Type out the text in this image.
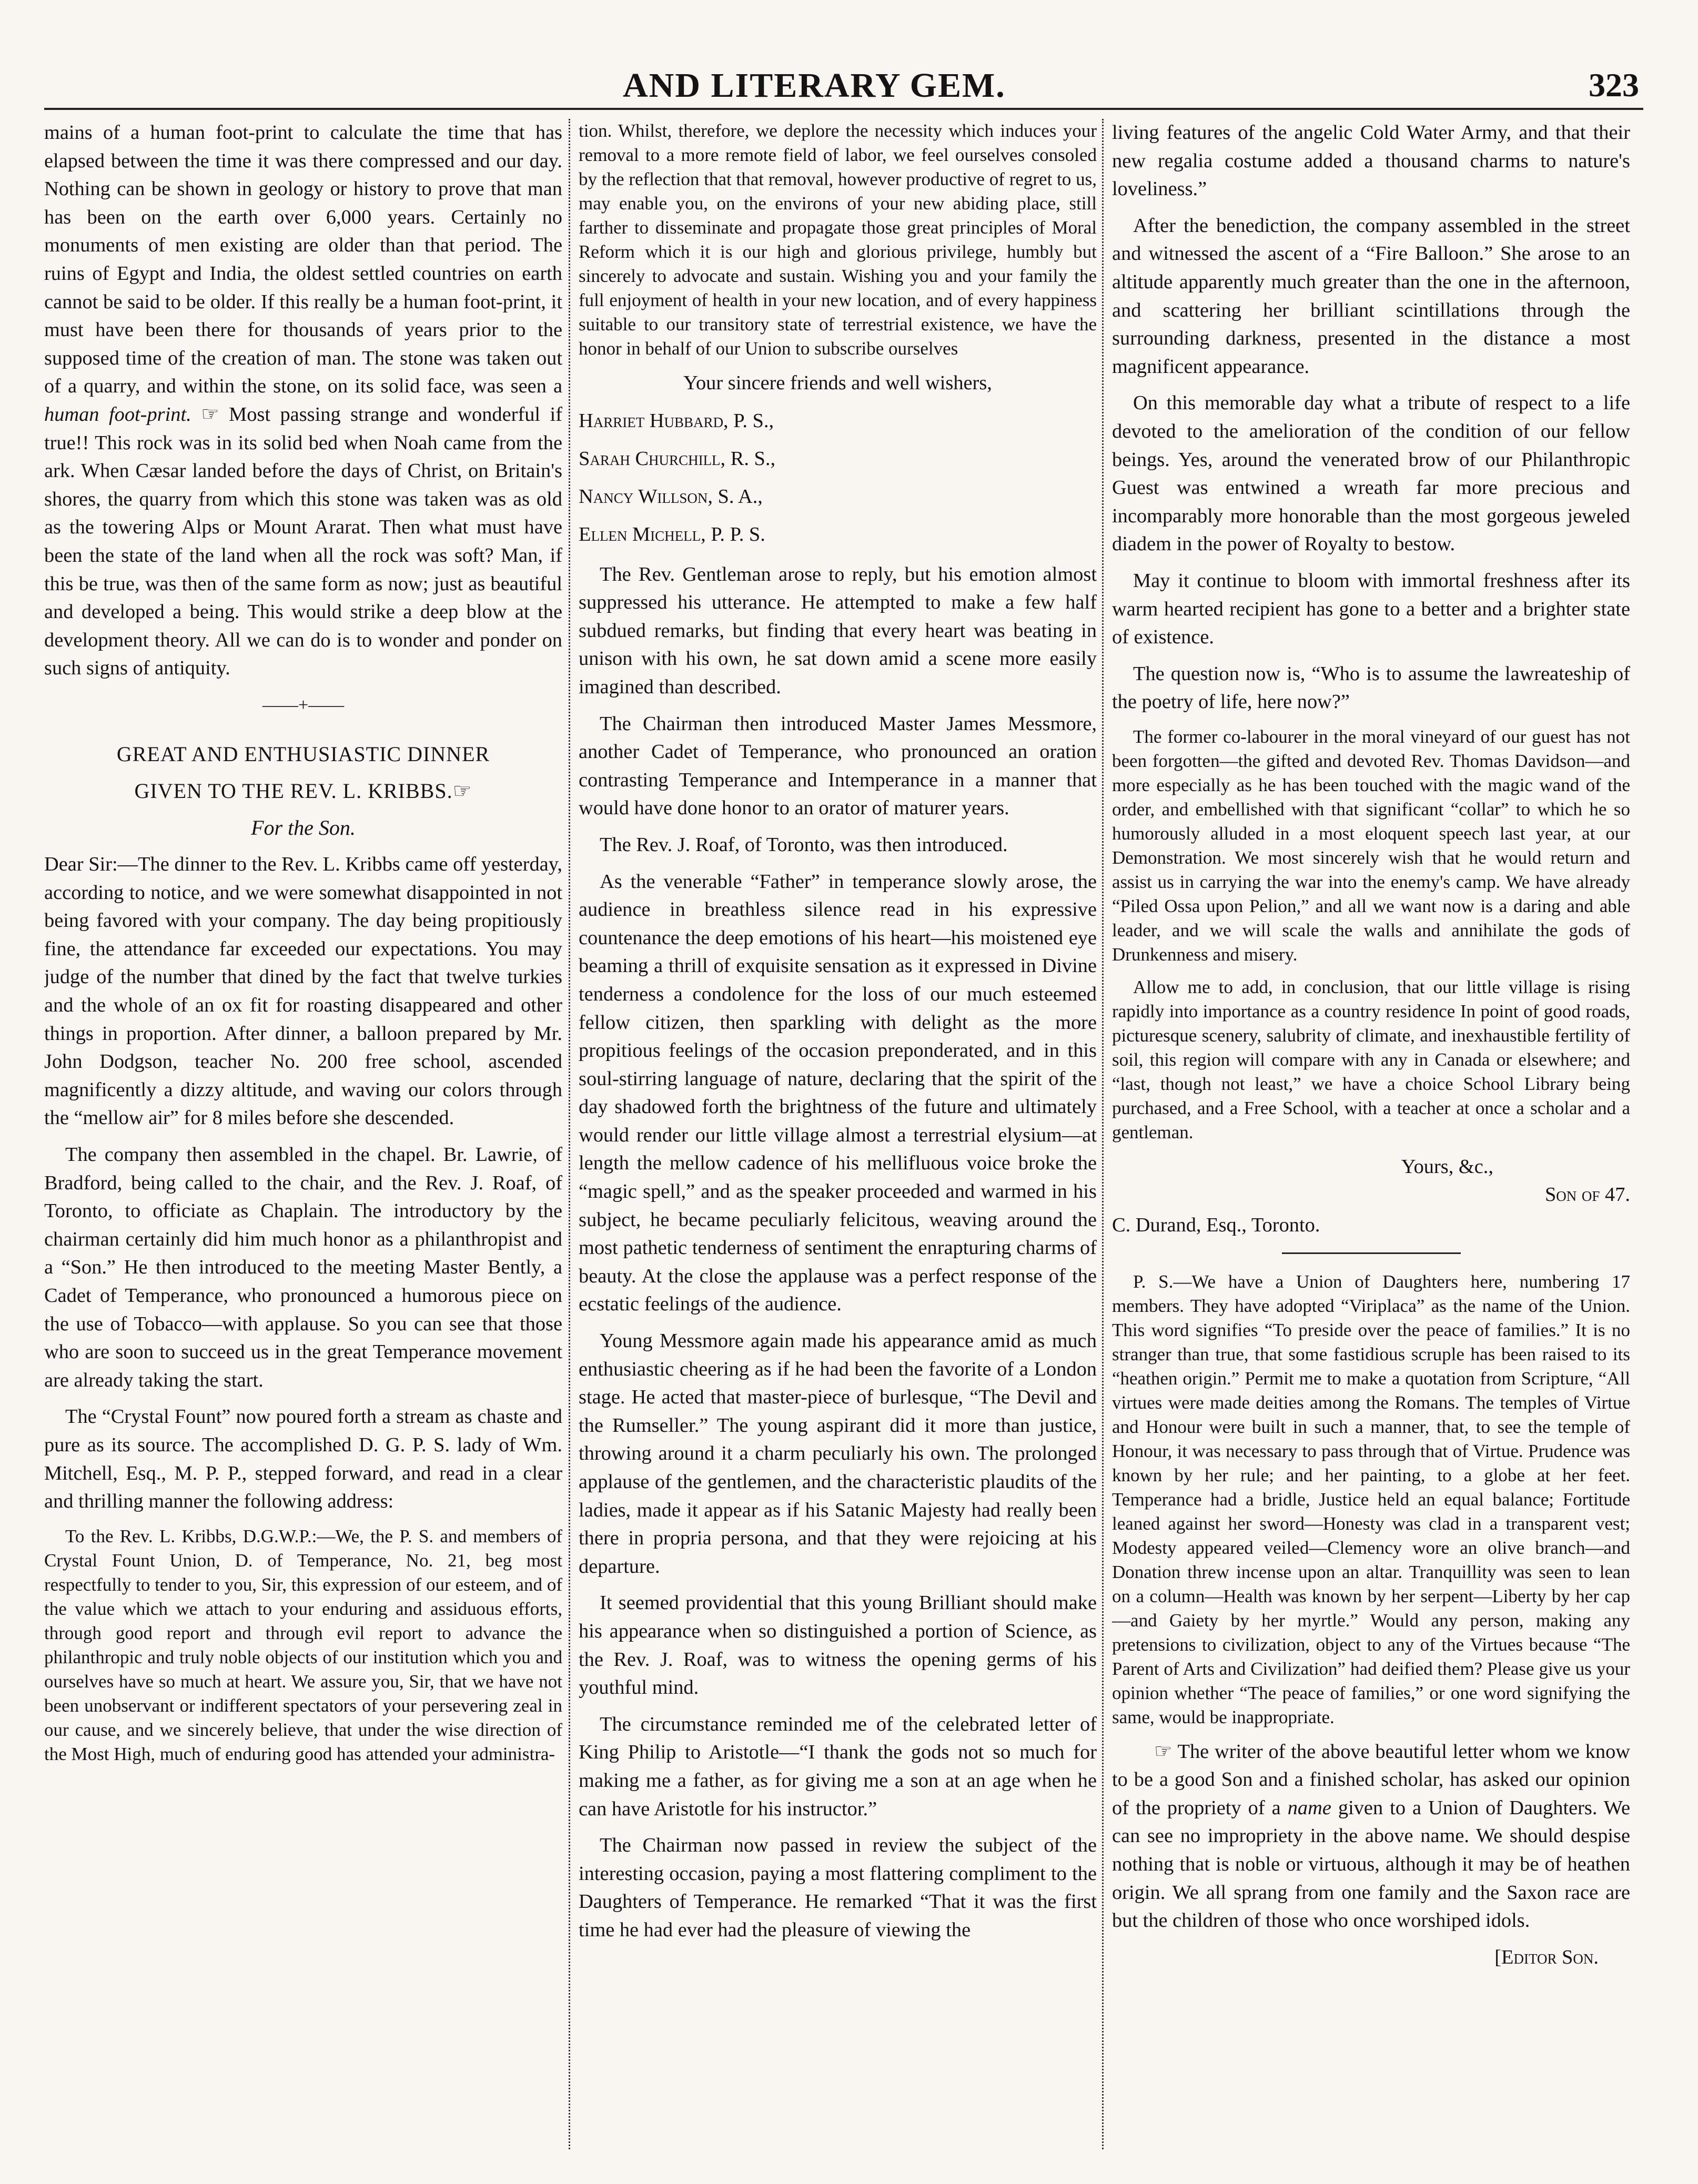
AND LITERARY GEM.	323

mains of a human foot-print to calculate the time that has elapsed between the time it was there compressed and our day. Nothing can be shown in geology or history to prove that man has been on the earth over 6,000 years. Certainly no monuments of men existing are older than that period. The ruins of Egypt and India, the oldest settled countries on earth cannot be said to be older. If this really be a human foot-print, it must have been there for thousands of years prior to the supposed time of the creation of man. The stone was taken out of a quarry, and within the stone, on its solid face, was seen a human foot-print. ☞ Most passing strange and wonderful if true!! This rock was in its solid bed when Noah came from the ark. When Cæsar landed before the days of Christ, on Britain's shores, the quarry from which this stone was taken was as old as the towering Alps or Mount Ararat. Then what must have been the state of the land when all the rock was soft? Man, if this be true, was then of the same form as now; just as beautiful and developed a being. This would strike a deep blow at the development theory. All we can do is to wonder and ponder on such signs of antiquity.

——+——

GREAT AND ENTHUSIASTIC DINNER

GIVEN TO THE REV. L. KRIBBS.☞

For the Son.

Dear Sir:—The dinner to the Rev. L. Kribbs came off yesterday, according to notice, and we were somewhat disappointed in not being favored with your company. The day being propitiously fine, the attendance far exceeded our expectations. You may judge of the number that dined by the fact that twelve turkies and the whole of an ox fit for roasting disappeared and other things in proportion. After dinner, a balloon prepared by Mr. John Dodgson, teacher No. 200 free school, ascended magnificently a dizzy altitude, and waving our colors through the “mellow air” for 8 miles before she descended.

The company then assembled in the chapel. Br. Lawrie, of Bradford, being called to the chair, and the Rev. J. Roaf, of Toronto, to officiate as Chaplain. The introductory by the chairman certainly did him much honor as a philanthropist and a “Son.” He then introduced to the meeting Master Bently, a Cadet of Temperance, who pronounced a humorous piece on the use of Tobacco—with applause. So you can see that those who are soon to succeed us in the great Temperance movement are already taking the start.

The “Crystal Fount” now poured forth a stream as chaste and pure as its source. The accomplished D. G. P. S. lady of Wm. Mitchell, Esq., M. P. P., stepped forward, and read in a clear and thrilling manner the following address:

To the Rev. L. Kribbs, D.G.W.P.:—We, the P. S. and members of Crystal Fount Union, D. of Temperance, No. 21, beg most respectfully to tender to you, Sir, this expression of our esteem, and of the value which we attach to your enduring and assiduous efforts, through good report and through evil report to advance the philanthropic and truly noble objects of our institution which you and ourselves have so much at heart. We assure you, Sir, that we have not been unobservant or indifferent spectators of your persevering zeal in our cause, and we sincerely believe, that under the wise direction of the Most High, much of enduring good has attended your administra-

tion. Whilst, therefore, we deplore the necessity which induces your removal to a more remote field of labor, we feel ourselves consoled by the reflection that that removal, however productive of regret to us, may enable you, on the environs of your new abiding place, still farther to disseminate and propagate those great principles of Moral Reform which it is our high and glorious privilege, humbly but sincerely to advocate and sustain. Wishing you and your family the full enjoyment of health in your new location, and of every happiness suitable to our transitory state of terrestrial existence, we have the honor in behalf of our Union to subscribe ourselves

Your sincere friends and well wishers,

Harriet Hubbard, P. S.,

Sarah Churchill, R. S.,

Nancy Willson, S. A.,

Ellen Michell, P. P. S.

The Rev. Gentleman arose to reply, but his emotion almost suppressed his utterance. He attempted to make a few half subdued remarks, but finding that every heart was beating in unison with his own, he sat down amid a scene more easily imagined than described.

The Chairman then introduced Master James Messmore, another Cadet of Temperance, who pronounced an oration contrasting Temperance and Intemperance in a manner that would have done honor to an orator of maturer years.

The Rev. J. Roaf, of Toronto, was then introduced.

As the venerable “Father” in temperance slowly arose, the audience in breathless silence read in his expressive countenance the deep emotions of his heart—his moistened eye beaming a thrill of exquisite sensation as it expressed in Divine tenderness a condolence for the loss of our much esteemed fellow citizen, then sparkling with delight as the more propitious feelings of the occasion preponderated, and in this soul-stirring language of nature, declaring that the spirit of the day shadowed forth the brightness of the future and ultimately would render our little village almost a terrestrial elysium—at length the mellow cadence of his mellifluous voice broke the “magic spell,” and as the speaker proceeded and warmed in his subject, he became peculiarly felicitous, weaving around the most pathetic tenderness of sentiment the enrapturing charms of beauty. At the close the applause was a perfect response of the ecstatic feelings of the audience.

Young Messmore again made his appearance amid as much enthusiastic cheering as if he had been the favorite of a London stage. He acted that master-piece of burlesque, “The Devil and the Rumseller.” The young aspirant did it more than justice, throwing around it a charm peculiarly his own. The prolonged applause of the gentlemen, and the characteristic plaudits of the ladies, made it appear as if his Satanic Majesty had really been there in propria persona, and that they were rejoicing at his departure.

It seemed providential that this young Brilliant should make his appearance when so distinguished a portion of Science, as the Rev. J. Roaf, was to witness the opening germs of his youthful mind.

The circumstance reminded me of the celebrated letter of King Philip to Aristotle—“I thank the gods not so much for making me a father, as for giving me a son at an age when he can have Aristotle for his instructor.”

The Chairman now passed in review the subject of the interesting occasion, paying a most flattering compliment to the Daughters of Temperance. He remarked “That it was the first time he had ever had the pleasure of viewing the

living features of the angelic Cold Water Army, and that their new regalia costume added a thousand charms to nature's loveliness.”

After the benediction, the company assembled in the street and witnessed the ascent of a “Fire Balloon.” She arose to an altitude apparently much greater than the one in the afternoon, and scattering her brilliant scintillations through the surrounding darkness, presented in the distance a most magnificent appearance.

On this memorable day what a tribute of respect to a life devoted to the amelioration of the condition of our fellow beings. Yes, around the venerated brow of our Philanthropic Guest was entwined a wreath far more precious and incomparably more honorable than the most gorgeous jeweled diadem in the power of Royalty to bestow.

May it continue to bloom with immortal freshness after its warm hearted recipient has gone to a better and a brighter state of existence.

The question now is, “Who is to assume the lawreateship of the poetry of life, here now?”

The former co-labourer in the moral vineyard of our guest has not been forgotten—the gifted and devoted Rev. Thomas Davidson—and more especially as he has been touched with the magic wand of the order, and embellished with that significant “collar” to which he so humorously alluded in a most eloquent speech last year, at our Demonstration. We most sincerely wish that he would return and assist us in carrying the war into the enemy's camp. We have already “Piled Ossa upon Pelion,” and all we want now is a daring and able leader, and we will scale the walls and annihilate the gods of Drunkenness and misery.

Allow me to add, in conclusion, that our little village is rising rapidly into importance as a country residence In point of good roads, picturesque scenery, salubrity of climate, and inexhaustible fertility of soil, this region will compare with any in Canada or elsewhere; and “last, though not least,” we have a choice School Library being purchased, and a Free School, with a teacher at once a scholar and a gentleman.

Yours, &c.,

Son of 47.

C. Durand, Esq., Toronto.

P. S.—We have a Union of Daughters here, numbering 17 members. They have adopted “Viriplaca” as the name of the Union. This word signifies “To preside over the peace of families.” It is no stranger than true, that some fastidious scruple has been raised to its “heathen origin.” Permit me to make a quotation from Scripture, “All virtues were made deities among the Romans. The temples of Virtue and Honour were built in such a manner, that, to see the temple of Honour, it was necessary to pass through that of Virtue. Prudence was known by her rule; and her painting, to a globe at her feet. Temperance had a bridle, Justice held an equal balance; Fortitude leaned against her sword—Honesty was clad in a transparent vest; Modesty appeared veiled—Clemency wore an olive branch—and Donation threw incense upon an altar. Tranquillity was seen to lean on a column—Health was known by her serpent—Liberty by her cap—and Gaiety by her myrtle.” Would any person, making any pretensions to civilization, object to any of the Virtues because “The Parent of Arts and Civilization” had deified them? Please give us your opinion whether “The peace of families,” or one word signifying the same, would be inappropriate.

☞ The writer of the above beautiful letter whom we know to be a good Son and a finished scholar, has asked our opinion of the propriety of a name given to a Union of Daughters. We can see no impropriety in the above name. We should despise nothing that is noble or virtuous, although it may be of heathen origin. We all sprang from one family and the Saxon race are but the children of those who once worshiped idols.

[Editor Son.
